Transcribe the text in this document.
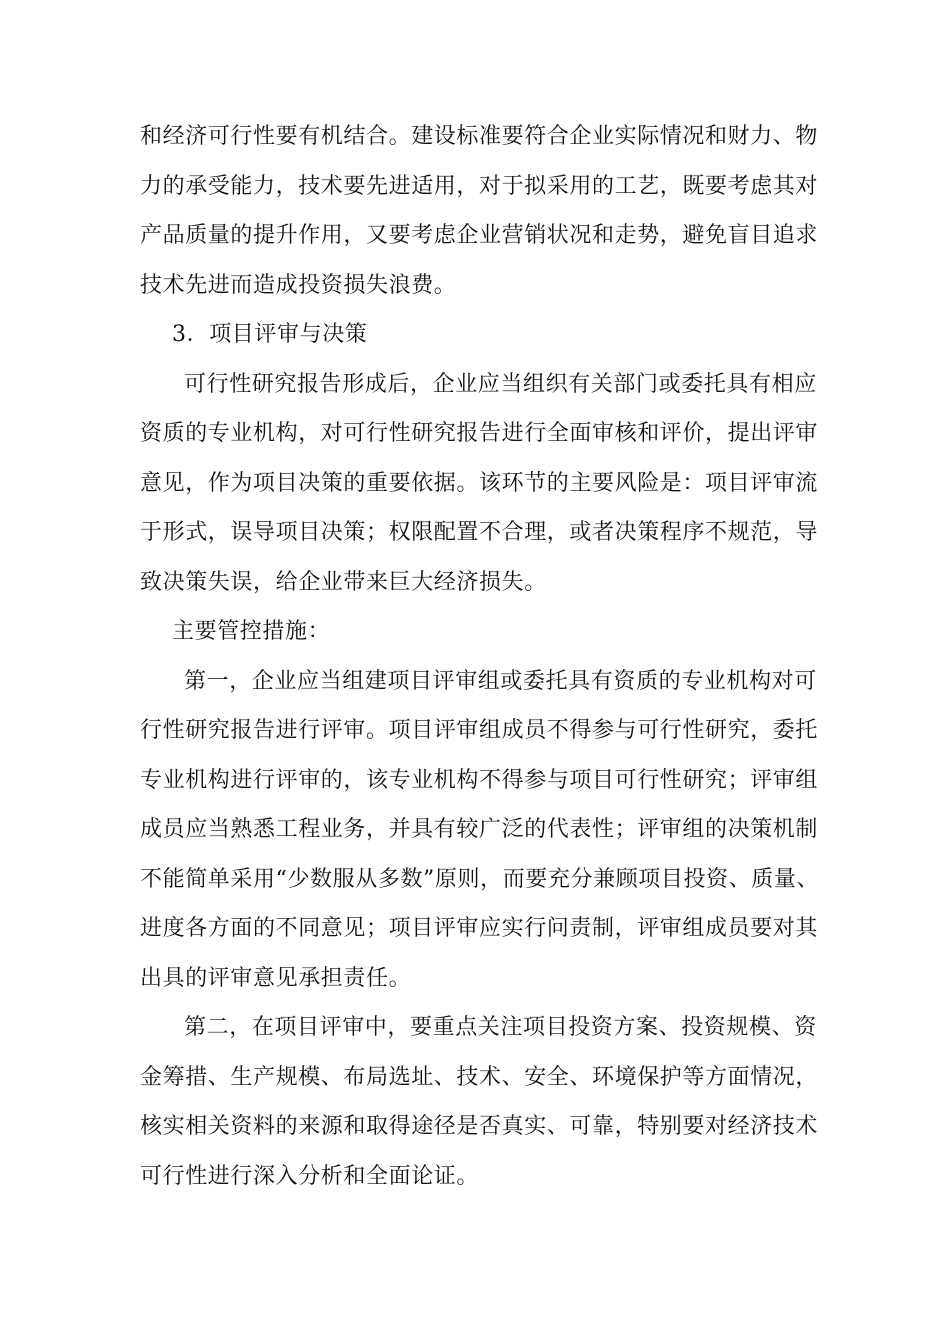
和经济可行性要有机结合。建设标准要符合企业实际情况和财力、物
力的承受能力，技术要先进适用，对于拟采用的工艺，既要考虑其对
产品质量的提升作用，又要考虑企业营销状况和走势，避免盲目追求
技术先进而造成投资损失浪费。
3．项目评审与决策
可行性研究报告形成后，企业应当组织有关部门或委托具有相应
资质的专业机构，对可行性研究报告进行全面审核和评价，提出评审
意见，作为项目决策的重要依据。该环节的主要风险是：项目评审流
于形式，误导项目决策；权限配置不合理，或者决策程序不规范，导
致决策失误，给企业带来巨大经济损失。
主要管控措施：
第一，企业应当组建项目评审组或委托具有资质的专业机构对可
行性研究报告进行评审。项目评审组成员不得参与可行性研究，委托
专业机构进行评审的，该专业机构不得参与项目可行性研究；评审组
成员应当熟悉工程业务，并具有较广泛的代表性；评审组的决策机制
不能简单采用“少数服从多数”原则，而要充分兼顾项目投资、质量、
进度各方面的不同意见；项目评审应实行问责制，评审组成员要对其
出具的评审意见承担责任。
第二，在项目评审中，要重点关注项目投资方案、投资规模、资
金筹措、生产规模、布局选址、技术、安全、环境保护等方面情况，
核实相关资料的来源和取得途径是否真实、可靠，特别要对经济技术
可行性进行深入分析和全面论证。
